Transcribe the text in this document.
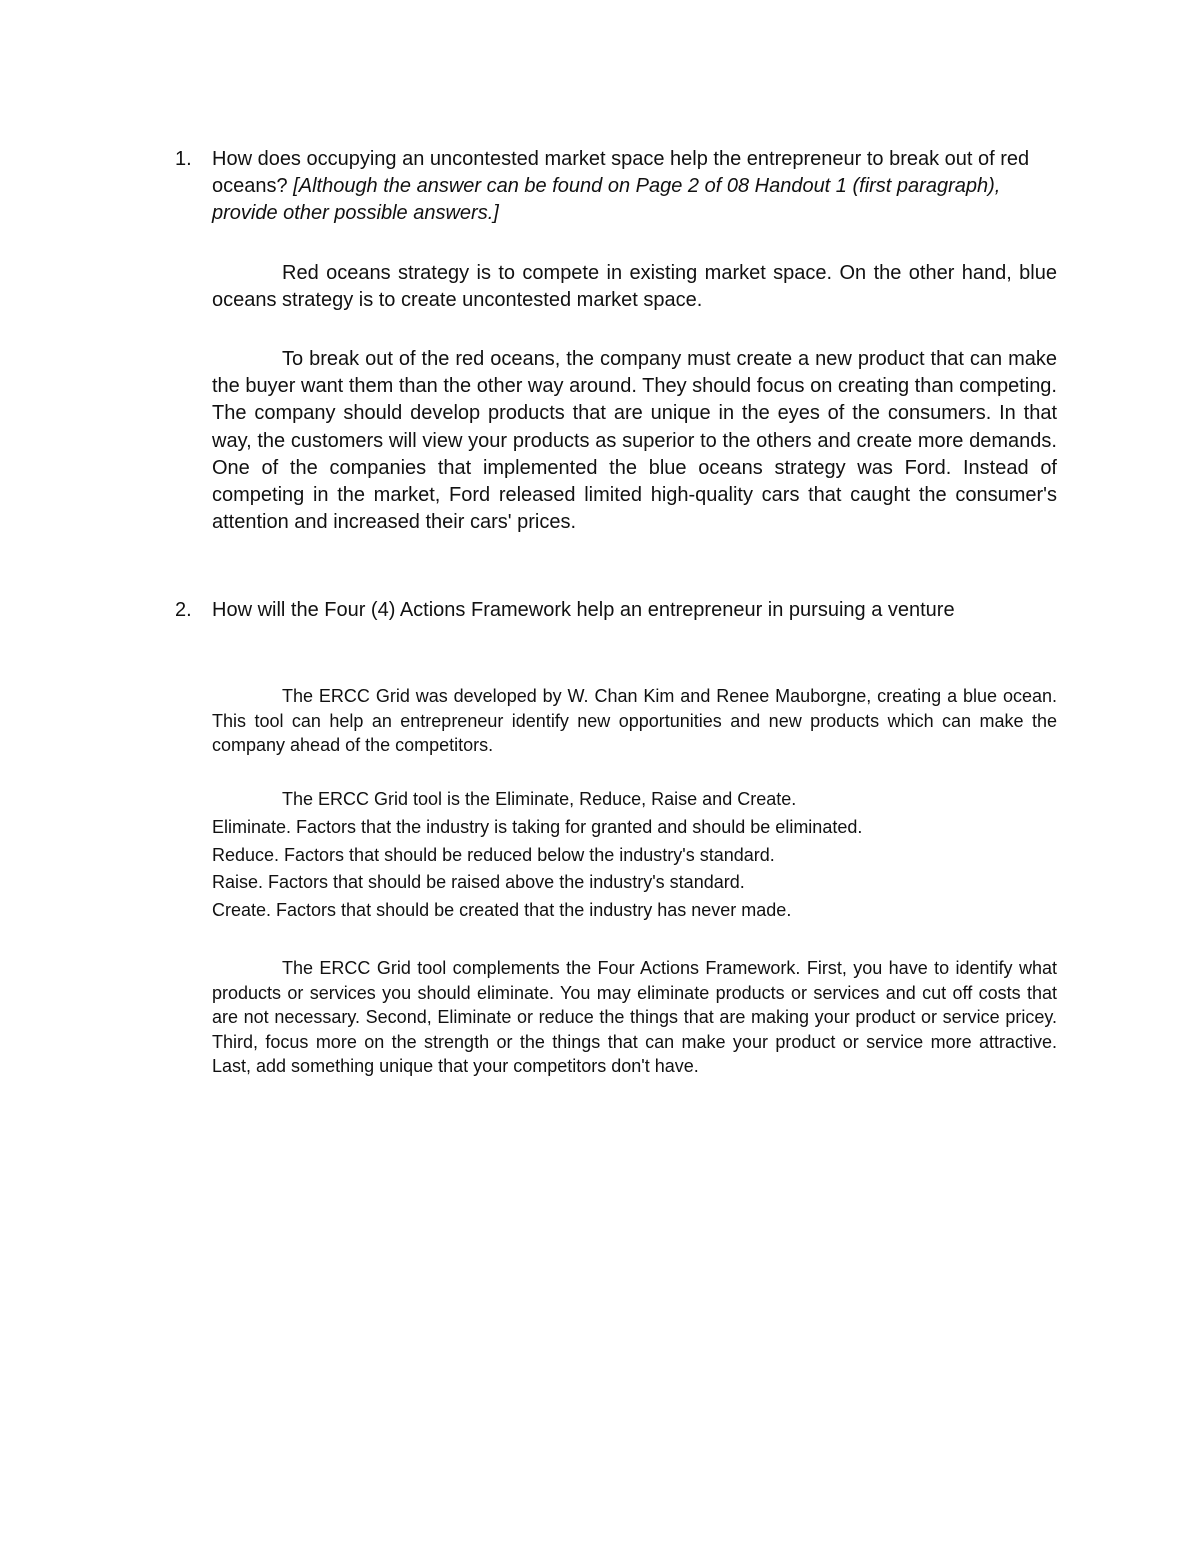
1. How does occupying an uncontested market space help the entrepreneur to break out of red oceans? [Although the answer can be found on Page 2 of 08 Handout 1 (first paragraph), provide other possible answers.]
Red oceans strategy is to compete in existing market space. On the other hand, blue oceans strategy is to create uncontested market space.
To break out of the red oceans, the company must create a new product that can make the buyer want them than the other way around. They should focus on creating than competing. The company should develop products that are unique in the eyes of the consumers. In that way, the customers will view your products as superior to the others and create more demands. One of the companies that implemented the blue oceans strategy was Ford. Instead of competing in the market, Ford released limited high-quality cars that caught the consumer's attention and increased their cars' prices.
2. How will the Four (4) Actions Framework help an entrepreneur in pursuing a venture
The ERCC Grid was developed by W. Chan Kim and Renee Mauborgne, creating a blue ocean. This tool can help an entrepreneur identify new opportunities and new products which can make the company ahead of the competitors.

The ERCC Grid tool is the Eliminate, Reduce, Raise and Create.

Eliminate. Factors that the industry is taking for granted and should be eliminated.

Reduce. Factors that should be reduced below the industry's standard.

Raise. Factors that should be raised above the industry's standard.

Create. Factors that should be created that the industry has never made.

The ERCC Grid tool complements the Four Actions Framework. First, you have to identify what products or services you should eliminate. You may eliminate products or services and cut off costs that are not necessary. Second, Eliminate or reduce the things that are making your product or service pricey. Third, focus more on the strength or the things that can make your product or service more attractive. Last, add something unique that your competitors don't have.
